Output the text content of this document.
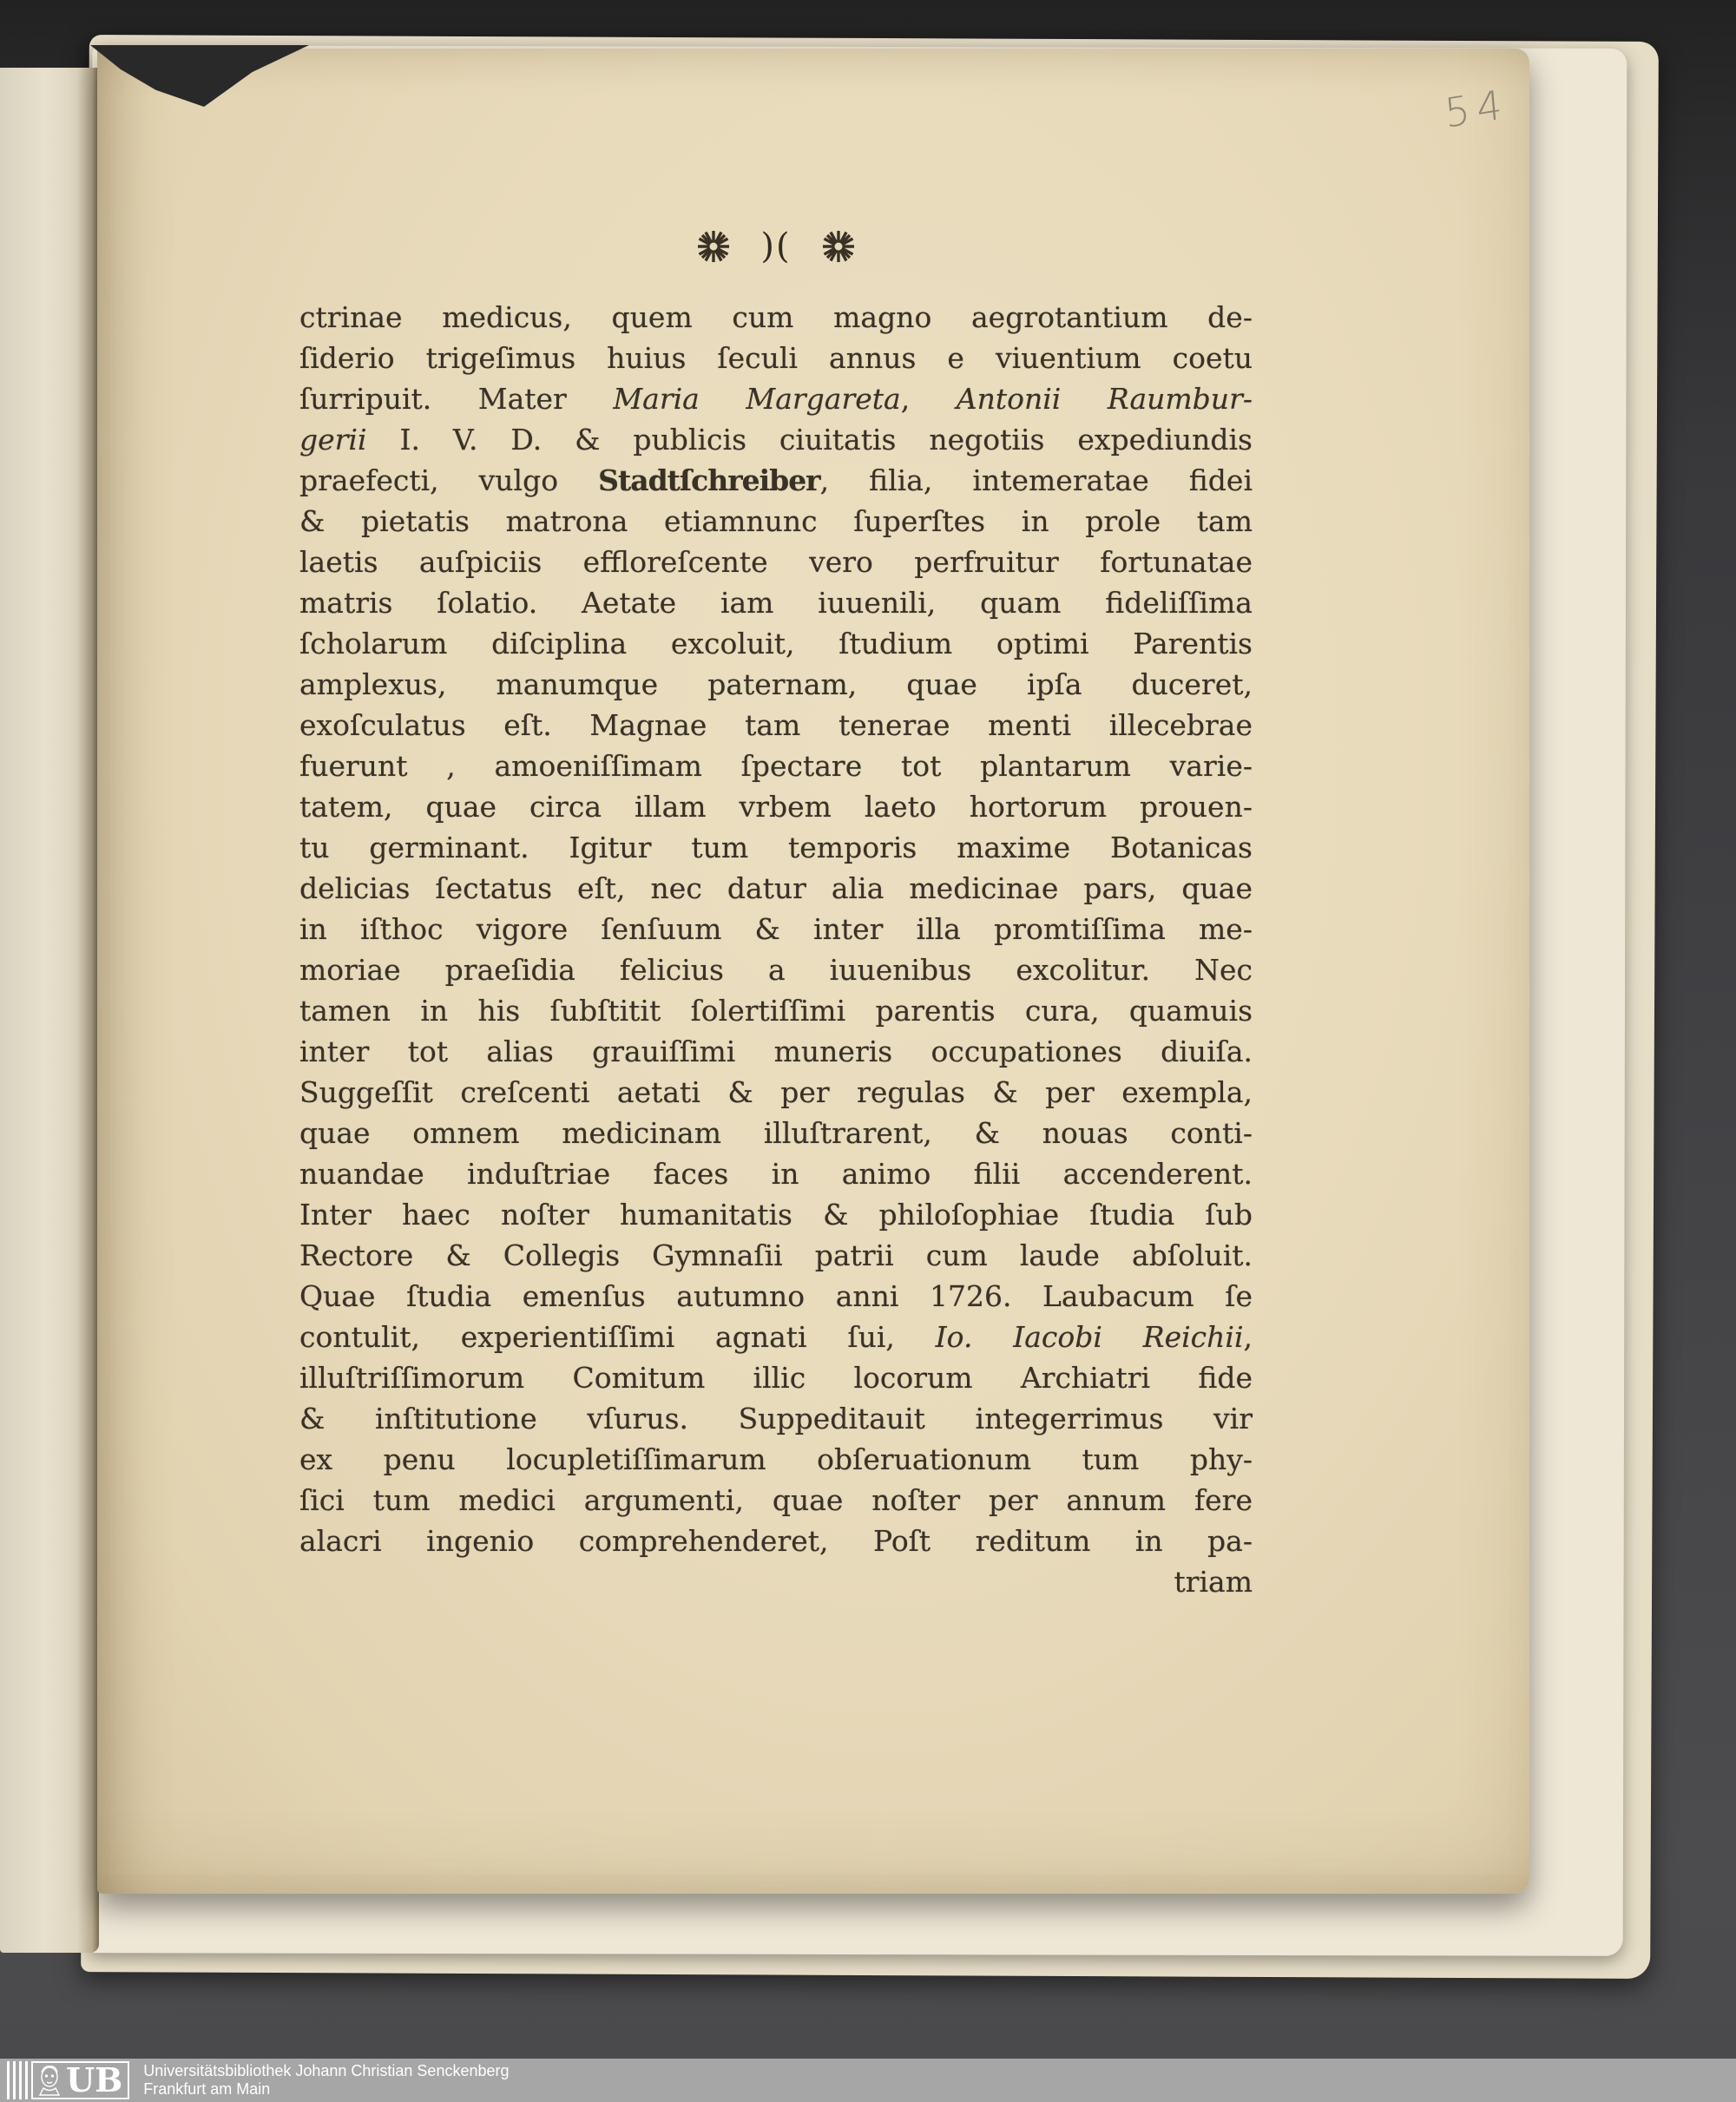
54
)(
ctrinae medicus, quem cum magno aegrotantium de-
ſiderio trigeſimus huius ſeculi annus e viuentium coetu
ſurripuit. Mater Maria Margareta, Antonii Raumbur-
gerii I. V. D. & publicis ciuitatis negotiis expediundis
praefecti, vulgo Stadtſchreiber, filia, intemeratae fidei
& pietatis matrona etiamnunc ſuperſtes in prole tam
laetis auſpiciis effloreſcente vero perfruitur fortunatae
matris ſolatio. Aetate iam iuuenili, quam fideliſſima
ſcholarum diſciplina excoluit, ſtudium optimi Parentis
amplexus, manumque paternam, quae ipſa duceret,
exoſculatus eſt. Magnae tam tenerae menti illecebrae
fuerunt , amoeniſſimam ſpectare tot plantarum varie-
tatem, quae circa illam vrbem laeto hortorum prouen-
tu germinant. Igitur tum temporis maxime Botanicas
delicias ſectatus eſt, nec datur alia medicinae pars, quae
in iſthoc vigore ſenſuum & inter illa promtiſſima me-
moriae praeſidia felicius a iuuenibus excolitur. Nec
tamen in his ſubſtitit ſolertiſſimi parentis cura, quamuis
inter tot alias grauiſſimi muneris occupationes diuiſa.
Suggeſſit creſcenti aetati & per regulas & per exempla,
quae omnem medicinam illuſtrarent, & nouas conti-
nuandae induſtriae faces in animo filii accenderent.
Inter haec noſter humanitatis & philoſophiae ſtudia ſub
Rectore & Collegis Gymnaſii patrii cum laude abſoluit.
Quae ſtudia emenſus autumno anni 1726. Laubacum ſe
contulit, experientiſſimi agnati ſui, Io. Iacobi Reichii,
illuſtriſſimorum Comitum illic locorum Archiatri fide
& inſtitutione vſurus. Suppeditauit integerrimus vir
ex penu locupletiſſimarum obſeruationum tum phy-
ſici tum medici argumenti, quae noſter per annum fere
alacri ingenio comprehenderet, Poſt reditum in pa-
triam
UB Universitätsbibliothek Johann Christian Senckenberg
Frankfurt am Main
